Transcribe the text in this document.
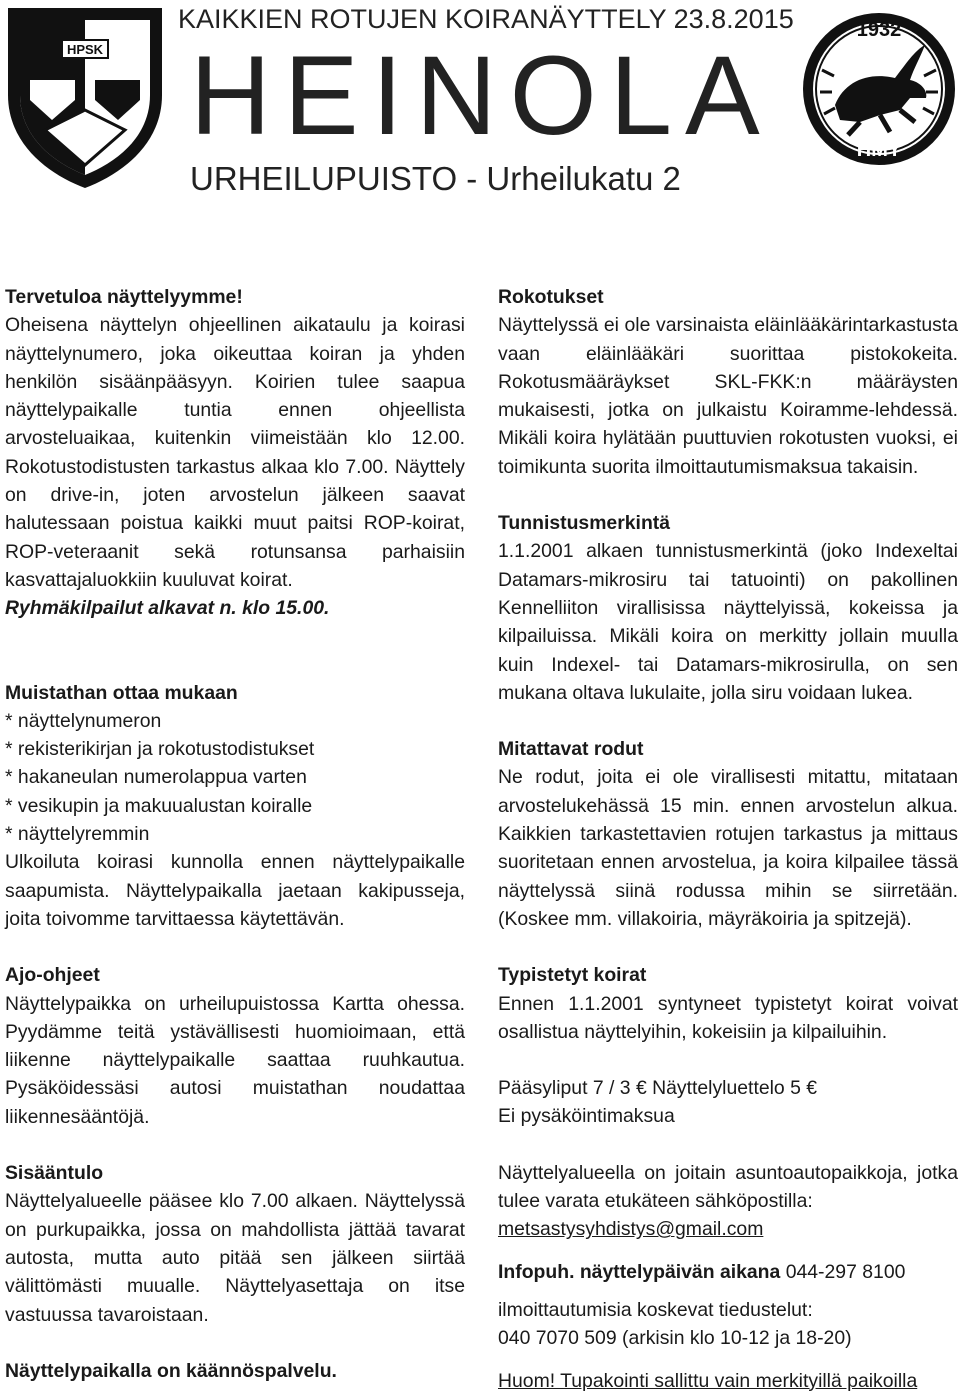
HPSK
KAIKKIEN ROTUJEN KOIRANÄYTTELY 23.8.2015
HEINOLA
URHEILUPUISTO - Urheilukatu 2
1932
HMY
Tervetuloa näyttelyymme!
Oheisena näyttelyn ohjeellinen aikataulu ja koirasi näyttelynumero, joka oikeuttaa koiran ja yhden henkilön sisäänpääsyyn. Koirien tulee saapua näyttelypaikalle tuntia ennen ohjeellista arvosteluaikaa, kuitenkin viimeistään klo 12.00. Rokotustodistusten tarkastus alkaa klo 7.00. Näyttely on drive-in, joten arvostelun jälkeen saavat halutessaan poistua kaikki muut paitsi ROP-koirat, ROP-veteraanit sekä rotunsansa parhaisiin kasvattajaluokkiin kuuluvat koirat.
Ryhmäkilpailut alkavat n. klo 15.00.
Muistathan ottaa mukaan
* näyttelynumeron
* rekisterikirjan ja rokotustodistukset
* hakaneulan numerolappua varten
* vesikupin ja makuualustan koiralle
* näyttelyremmin
Ulkoiluta koirasi kunnolla ennen näyttelypaikalle saapumista. Näyttelypaikalla jaetaan kakipusseja, joita toivomme tarvittaessa käytettävän.
Ajo-ohjeet
Näyttelypaikka on urheilupuistossa Kartta ohessa. Pyydämme teitä ystävällisesti huomioimaan, että liikenne näyttelypaikalle saattaa ruuhkautua. Pysäköidessäsi autosi muistathan noudattaa liikennesääntöjä.
Sisääntulo
Näyttelyalueelle pääsee klo 7.00 alkaen. Näyttelyssä on purkupaikka, jossa on mahdollista jättää tavarat autosta, mutta auto pitää sen jälkeen siirtää välittömästi muualle. Näyttelyasettaja on itse vastuussa tavaroistaan.
Näyttelypaikalla on käännöspalvelu.
Rokotukset
Näyttelyssä ei ole varsinaista eläinlääkärintarkastusta vaan eläinlääkäri suorittaa pistokokeita. Rokotusmääräykset SKL-FKK:n määräysten mukaisesti, jotka on julkaistu Koiramme-lehdessä. Mikäli koira hylätään puuttuvien rokotusten vuoksi, ei toimikunta suorita ilmoittautumismaksua takaisin.
Tunnistusmerkintä
1.1.2001 alkaen tunnistusmerkintä (joko Indexeltai Datamars-mikrosiru tai tatuointi) on pakollinen Kennelliiton virallisissa näyttelyissä, kokeissa ja kilpailuissa. Mikäli koira on merkitty jollain muulla kuin Indexel- tai Datamars-mikrosirulla, on sen mukana oltava lukulaite, jolla siru voidaan lukea.
Mitattavat rodut
Ne rodut, joita ei ole virallisesti mitattu, mitataan arvostelukehässä 15 min. ennen arvostelun alkua. Kaikkien tarkastettavien rotujen tarkastus ja mittaus suoritetaan ennen arvostelua, ja koira kilpailee tässä näyttelyssä siinä rodussa mihin se siirretään. (Koskee mm. villakoiria, mäyräkoiria ja spitzejä).
Typistetyt koirat
Ennen 1.1.2001 syntyneet typistetyt koirat voivat osallistua näyttelyihin, kokeisiin ja kilpailuihin.
Pääsyliput 7 / 3 € Näyttelyluettelo 5 €
Ei pysäköintimaksua
Näyttelyalueella on joitain asuntoautopaikkoja, jotka tulee varata etukäteen sähköpostilla:
metsastysyhdistys@gmail.com
Infopuh. näyttelypäivän aikana 044-297 8100
ilmoittautumisia koskevat tiedustelut:
040 7070 509 (arkisin klo 10-12 ja 18-20)
Huom! Tupakointi sallittu vain merkityillä paikoilla
